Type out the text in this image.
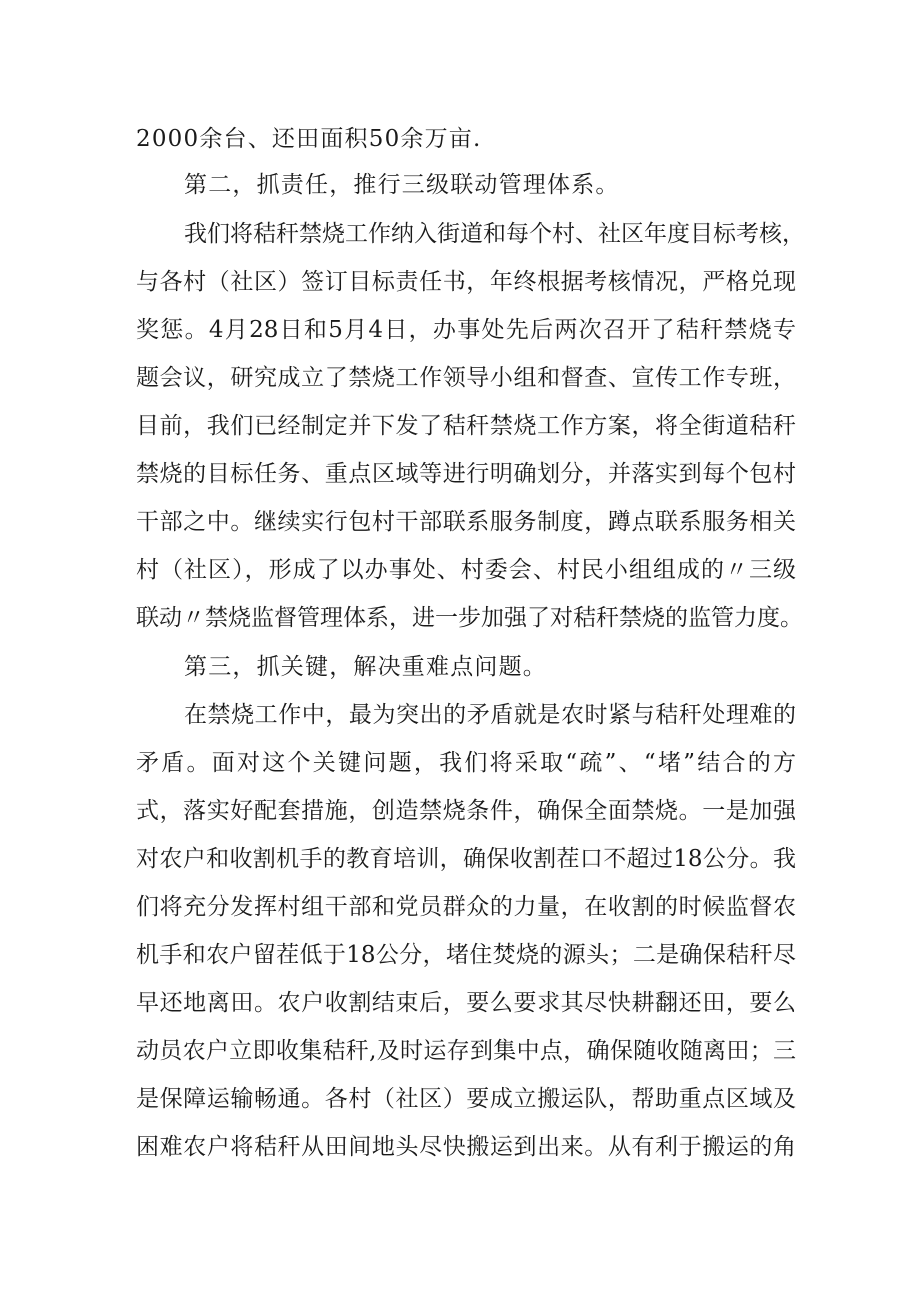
2000余台、还田面积50余万亩.
第二，抓责任，推行三级联动管理体系。
我们将秸秆禁烧工作纳入街道和每个村、社区年度目标考核，
与各村（社区）签订目标责任书，年终根据考核情况，严格兑现
奖惩。4月28日和5月4日，办事处先后两次召开了秸秆禁烧专
题会议，研究成立了禁烧工作领导小组和督查、宣传工作专班，
目前，我们已经制定并下发了秸秆禁烧工作方案，将全街道秸秆
禁烧的目标任务、重点区域等进行明确划分，并落实到每个包村
干部之中。继续实行包村干部联系服务制度，蹲点联系服务相关
村（社区），形成了以办事处、村委会、村民小组组成的〃三级
联动〃禁烧监督管理体系，进一步加强了对秸秆禁烧的监管力度。
第三，抓关键，解决重难点问题。
在禁烧工作中，最为突出的矛盾就是农时紧与秸秆处理难的
矛盾。面对这个关键问题，我们将采取“疏”、“堵”结合的方
式，落实好配套措施，创造禁烧条件，确保全面禁烧。一是加强
对农户和收割机手的教育培训，确保收割茬口不超过18公分。我
们将充分发挥村组干部和党员群众的力量，在收割的时候监督农
机手和农户留茬低于18公分，堵住焚烧的源头；二是确保秸秆尽
早还地离田。农户收割结束后，要么要求其尽快耕翻还田，要么
动员农户立即收集秸秆,及时运存到集中点，确保随收随离田；三
是保障运输畅通。各村（社区）要成立搬运队，帮助重点区域及
困难农户将秸秆从田间地头尽快搬运到出来。从有利于搬运的角
